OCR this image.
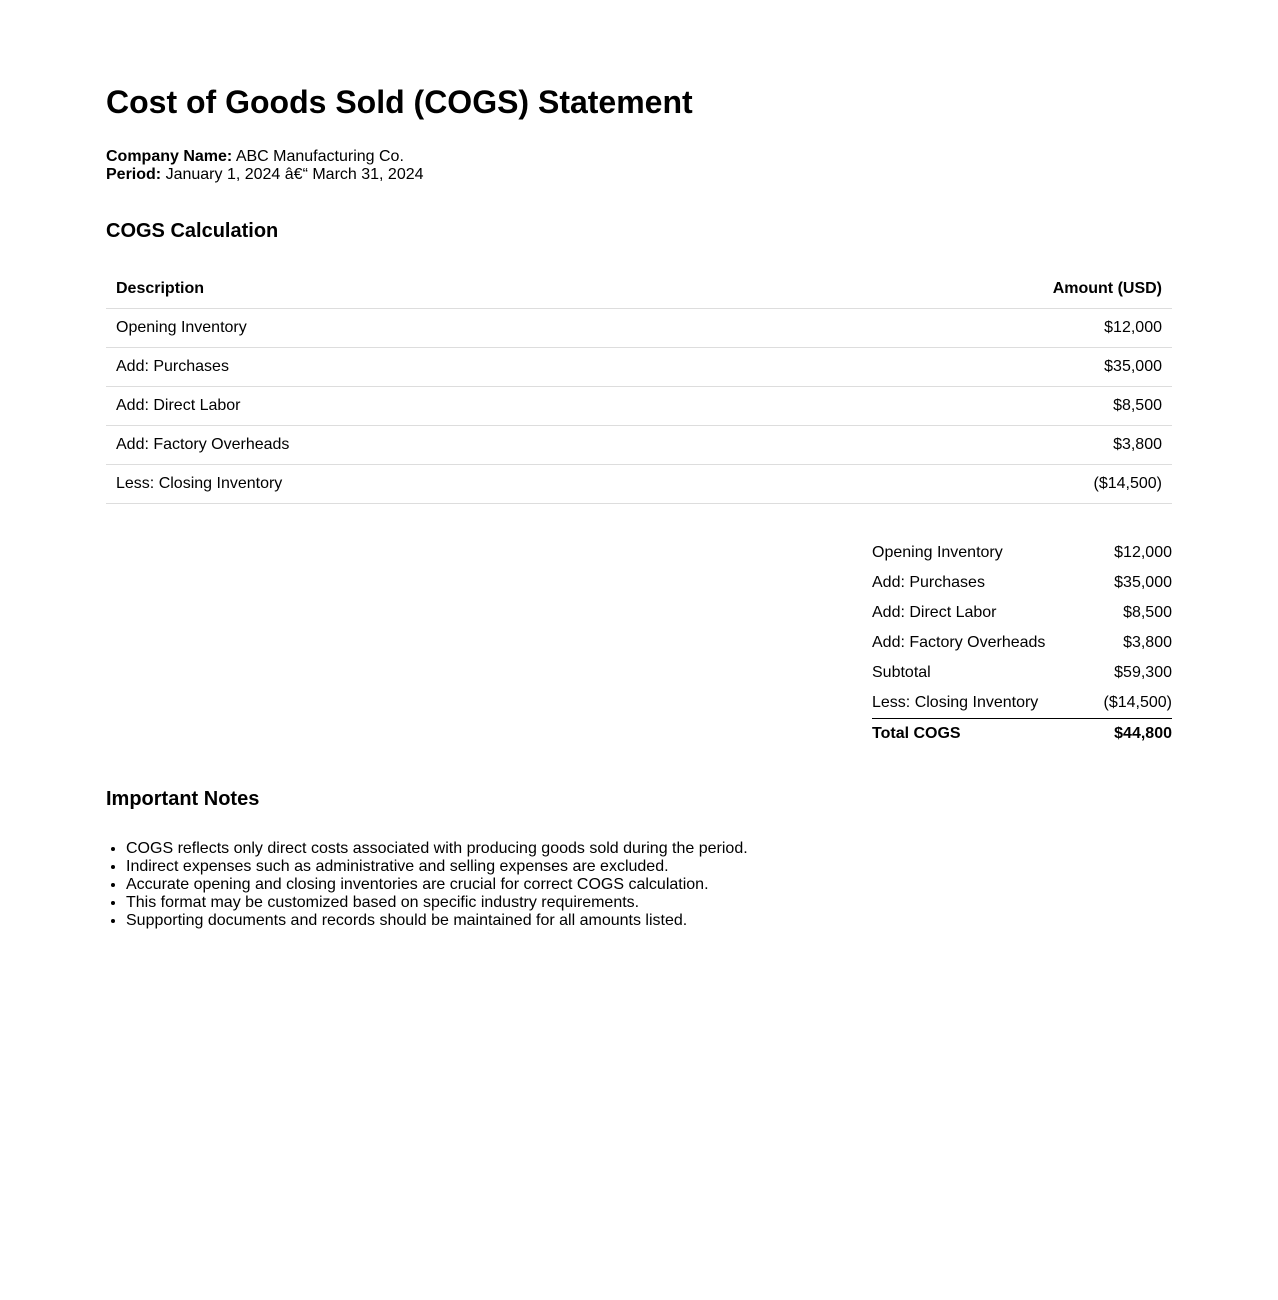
Cost of Goods Sold (COGS) Statement
Company Name: ABC Manufacturing Co.
Period: January 1, 2024 â€“ March 31, 2024
COGS Calculation
Description	Amount (USD)
Opening Inventory	$12,000
Add: Purchases	$35,000
Add: Direct Labor	$8,500
Add: Factory Overheads	$3,800
Less: Closing Inventory	($14,500)
Opening Inventory	$12,000
Add: Purchases	$35,000
Add: Direct Labor	$8,500
Add: Factory Overheads	$3,800
Subtotal	$59,300
Less: Closing Inventory	($14,500)
Total COGS	$44,800
Important Notes
• COGS reflects only direct costs associated with producing goods sold during the period.
• Indirect expenses such as administrative and selling expenses are excluded.
• Accurate opening and closing inventories are crucial for correct COGS calculation.
• This format may be customized based on specific industry requirements.
• Supporting documents and records should be maintained for all amounts listed.
